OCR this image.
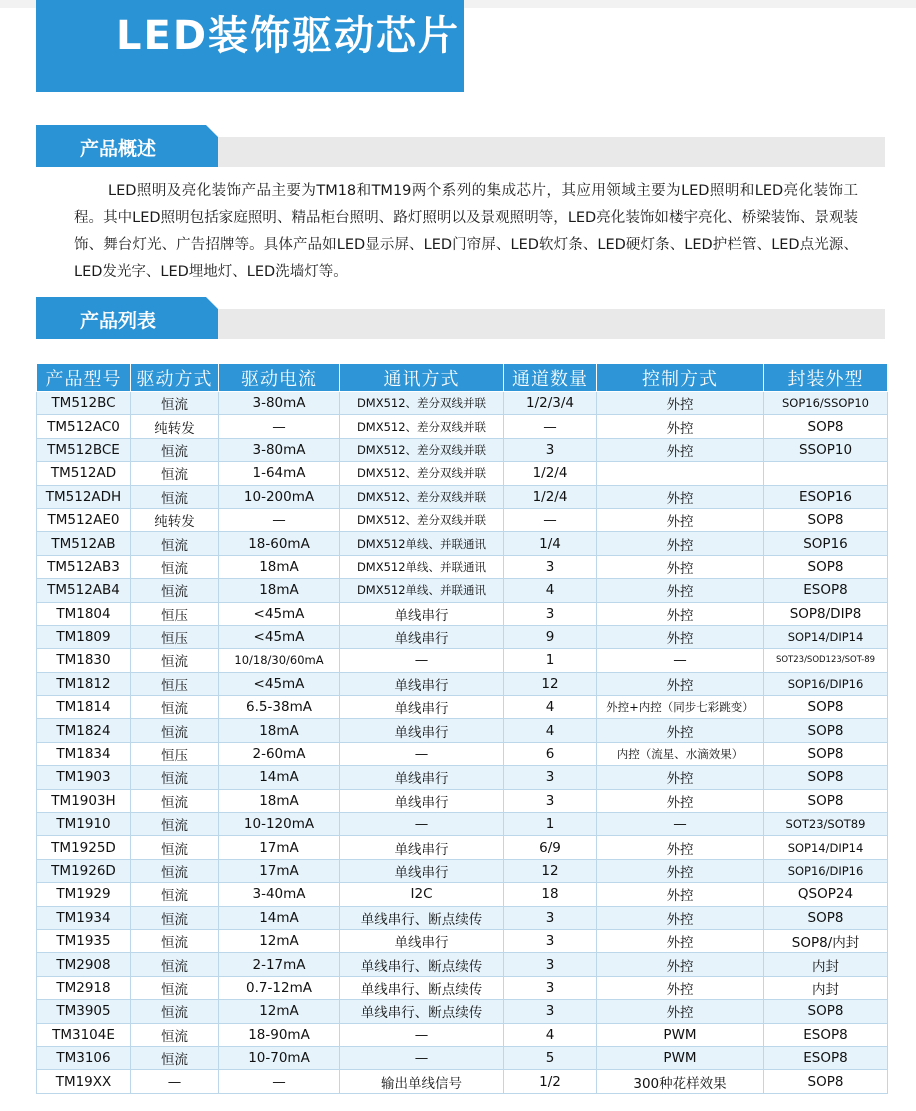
LED装饰驱动芯片
产品概述

LED照明及亮化装饰产品主要为TM18和TM19两个系列的集成芯片，其应用领域主要为LED照明和LED亮化装饰工程。其中LED照明包括家庭照明、精品柜台照明、路灯照明以及景观照明等，LED亮化装饰如楼宇亮化、桥梁装饰、景观装饰、舞台灯光、广告招牌等。具体产品如LED显示屏、LED门帘屏、LED软灯条、LED硬灯条、LED护栏管、LED点光源、LED发光字、LED埋地灯、LED洗墙灯等。

产品列表
产品型号	驱动方式	驱动电流	通讯方式	通道数量	控制方式	封装外型
TM512BC	恒流	3-80mA	DMX512、差分双线并联	1/2/3/4	外控	SOP16/SSOP10
TM512AC0	纯转发	—	DMX512、差分双线并联	—	外控	SOP8
TM512BCE	恒流	3-80mA	DMX512、差分双线并联	3	外控	SSOP10
TM512AD	恒流	1-64mA	DMX512、差分双线并联	1/2/4		
TM512ADH	恒流	10-200mA	DMX512、差分双线并联	1/2/4	外控	ESOP16
TM512AE0	纯转发	—	DMX512、差分双线并联	—	外控	SOP8
TM512AB	恒流	18-60mA	DMX512单线、并联通讯	1/4	外控	SOP16
TM512AB3	恒流	18mA	DMX512单线、并联通讯	3	外控	SOP8
TM512AB4	恒流	18mA	DMX512单线、并联通讯	4	外控	ESOP8
TM1804	恒压	<45mA	单线串行	3	外控	SOP8/DIP8
TM1809	恒压	<45mA	单线串行	9	外控	SOP14/DIP14
TM1830	恒流	10/18/30/60mA	—	1	—	SOT23/SOD123/SOT-89
TM1812	恒压	<45mA	单线串行	12	外控	SOP16/DIP16
TM1814	恒流	6.5-38mA	单线串行	4	外控+内控（同步七彩跳变）	SOP8
TM1824	恒流	18mA	单线串行	4	外控	SOP8
TM1834	恒压	2-60mA	—	6	内控（流星、水滴效果）	SOP8
TM1903	恒流	14mA	单线串行	3	外控	SOP8
TM1903H	恒流	18mA	单线串行	3	外控	SOP8
TM1910	恒流	10-120mA	—	1	—	SOT23/SOT89
TM1925D	恒流	17mA	单线串行	6/9	外控	SOP14/DIP14
TM1926D	恒流	17mA	单线串行	12	外控	SOP16/DIP16
TM1929	恒流	3-40mA	I2C	18	外控	QSOP24
TM1934	恒流	14mA	单线串行、断点续传	3	外控	SOP8
TM1935	恒流	12mA	单线串行	3	外控	SOP8/内封
TM2908	恒流	2-17mA	单线串行、断点续传	3	外控	内封
TM2918	恒流	0.7-12mA	单线串行、断点续传	3	外控	内封
TM3905	恒流	12mA	单线串行、断点续传	3	外控	SOP8
TM3104E	恒流	18-90mA	—	4	PWM	ESOP8
TM3106	恒流	10-70mA	—	5	PWM	ESOP8
TM19XX	—	—	输出单线信号	1/2	300种花样效果	SOP8
